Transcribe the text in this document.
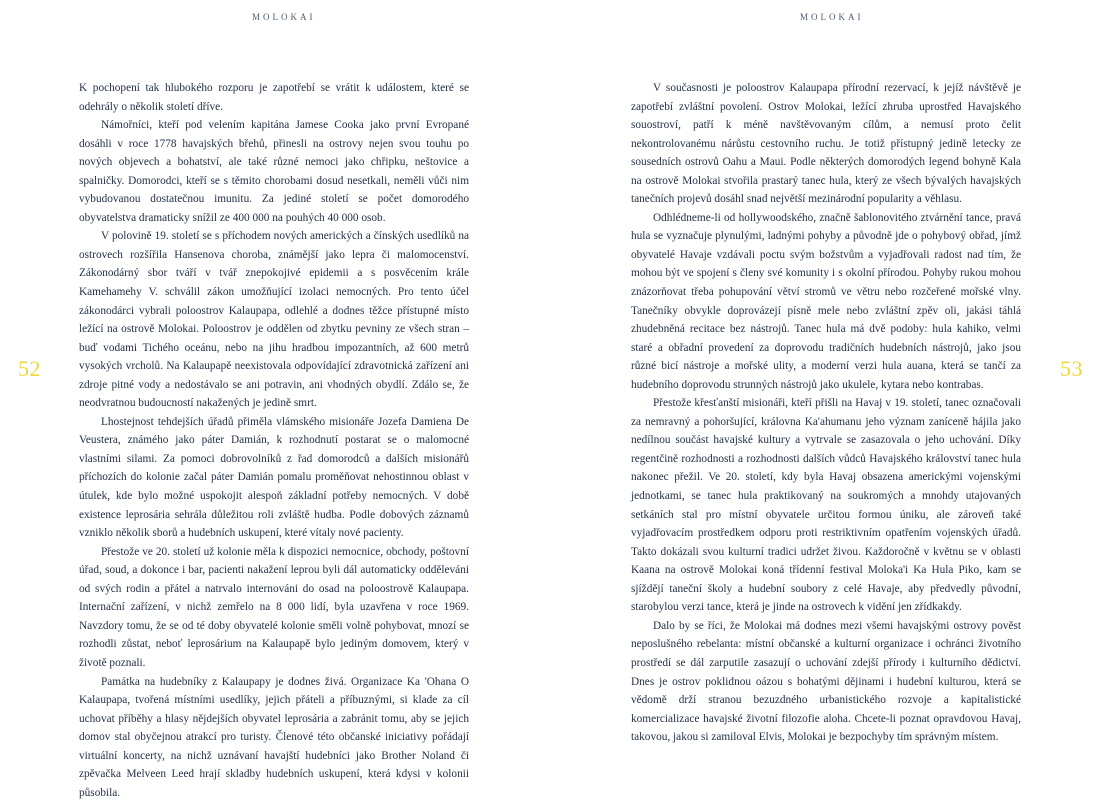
MOLOKAI
52

K pochopení tak hlubokého rozporu je zapotřebí se vrátit k událostem, které se odehrály o několik století dříve.

Námořníci, kteří pod velením kapitána Jamese Cooka jako první Evropané dosáhli v roce 1778 havajských břehů, přinesli na ostrovy nejen svou touhu po nových objevech a bohatství, ale také různé nemoci jako chřipku, neštovice a spalničky. Domorodci, kteří se s těmito chorobami dosud nesetkali, neměli vůči nim vybudovanou dostatečnou imunitu. Za jediné století se počet domorodého obyvatelstva dramaticky snížil ze 400 000 na pouhých 40 000 osob.

V polovině 19. století se s příchodem nových amerických a čínských usedlíků na ostrovech rozšířila Hansenova choroba, známější jako lepra či malomocenství. Zákonodárný sbor tváří v tvář znepokojivé epidemii a s posvěcením krále Kamehamehy V. schválil zákon umožňující izolaci nemocných. Pro tento účel zákonodárci vybrali poloostrov Kalaupapa, odlehlé a dodnes těžce přístupné místo ležící na ostrově Molokai. Poloostrov je oddělen od zbytku pevniny ze všech stran – buď vodami Tichého oceánu, nebo na jihu hradbou impozantních, až 600 metrů vysokých vrcholů. Na Kalaupapě neexistovala odpovídající zdravotnická zařízení ani zdroje pitné vody a nedostávalo se ani potravin, ani vhodných obydlí. Zdálo se, že neodvratnou budoucností nakažených je jedině smrt.

Lhostejnost tehdejších úřadů přiměla vlámského misionáře Jozefa Damiena De Veustera, známého jako páter Damián, k rozhodnutí postarat se o malomocné vlastními silami. Za pomoci dobrovolníků z řad domorodců a dalších misionářů příchozích do kolonie začal páter Damián pomalu proměňovat nehostinnou oblast v útulek, kde bylo možné uspokojit alespoň základní potřeby nemocných. V době existence leprosária sehrála důležitou roli zvláště hudba. Podle dobových záznamů vzniklo několik sborů a hudebních uskupení, které vítaly nové pacienty.

Přestože ve 20. století už kolonie měla k dispozici nemocnice, obchody, poštovní úřad, soud, a dokonce i bar, pacienti nakažení leprou byli dál automaticky odděleváni od svých rodin a přátel a natrvalo internováni do osad na poloostrově Kalaupapa. Internační zařízení, v nichž zemřelo na 8 000 lidí, byla uzavřena v roce 1969. Navzdory tomu, že se od té doby obyvatelé kolonie směli volně pohybovat, mnozí se rozhodli zůstat, neboť leprosárium na Kalaupapě bylo jediným domovem, který v životě poznali.

Památka na hudebníky z Kalaupapy je dodnes živá. Organizace Ka 'Ohana O Kalaupapa, tvořená místními usedlíky, jejich přáteli a příbuznými, si klade za cíl uchovat příběhy a hlasy nějdejších obyvatel leprosária a zabránit tomu, aby se jejich domov stal obyčejnou atrakcí pro turisty. Členové této občanské iniciativy pořádají virtuální koncerty, na nichž uznávaní havajští hudebníci jako Brother Noland či zpěvačka Melveen Leed hrají skladby hudebních uskupení, která kdysi v kolonii působila.

MOLOKAI
53

V současnosti je poloostrov Kalaupapa přírodní rezervací, k jejíž návštěvě je zapotřebí zvláštní povolení. Ostrov Molokai, ležící zhruba uprostřed Havajského souostroví, patří k méně navštěvovaným cílům, a nemusí proto čelit nekontrolovanému nárůstu cestovního ruchu. Je totiž přístupný jedině letecky ze sousedních ostrovů Oahu a Maui. Podle některých domorodých legend bohyně Kala na ostrově Molokai stvořila prastarý tanec hula, který ze všech bývalých havajských tanečních projevů dosáhl snad největší mezinárodní popularity a věhlasu.

Odhlédneme-li od hollywoodského, značně šablonovitého ztvárnění tance, pravá hula se vyznačuje plynulými, ladnými pohyby a původně jde o pohybový obřad, jímž obyvatelé Havaje vzdávali poctu svým božstvům a vyjadřovali radost nad tím, že mohou být ve spojení s členy své komunity i s okolní přírodou. Pohyby rukou mohou znázorňovat třeba pohupování větví stromů ve větru nebo rozčeřené mořské vlny. Tanečníky obvykle doprovázejí písně mele nebo zvláštní zpěv oli, jakási táhlá zhudebněná recitace bez nástrojů. Tanec hula má dvě podoby: hula kahiko, velmi staré a obřadní provedení za doprovodu tradičních hudebních nástrojů, jako jsou různé bicí nástroje a mořské ulity, a moderní verzi hula auana, která se tančí za hudebního doprovodu strunných nástrojů jako ukulele, kytara nebo kontrabas.

Přestože křesťanští misionáři, kteří přišli na Havaj v 19. století, tanec označovali za nemravný a pohoršující, královna Ka'ahumanu jeho význam zaníceně hájila jako nedílnou součást havajské kultury a vytrvale se zasazovala o jeho uchování. Díky regentčině rozhodnosti a rozhodnosti dalších vůdců Havajského království tanec hula nakonec přežil. Ve 20. století, kdy byla Havaj obsazena americkými vojenskými jednotkami, se tanec hula praktikovaný na soukromých a mnohdy utajovaných setkáních stal pro místní obyvatele určitou formou úniku, ale zároveň také vyjadřovacím prostředkem odporu proti restriktivním opatřením vojenských úřadů. Takto dokázali svou kulturní tradici udržet živou. Každoročně v květnu se v oblasti Kaana na ostrově Molokai koná třídenní festival Moloka'i Ka Hula Piko, kam se sjíždějí taneční školy a hudební soubory z celé Havaje, aby předvedly původní, starobylou verzi tance, která je jinde na ostrovech k vidění jen zřídkakdy.

Dalo by se říci, že Molokai má dodnes mezi všemi havajskými ostrovy pověst neposlušného rebelanta: místní občanské a kulturní organizace i ochránci životního prostředí se dál zarputile zasazují o uchování zdejší přírody i kulturního dědictví. Dnes je ostrov poklidnou oázou s bohatými dějinami i hudební kulturou, která se vědomě drží stranou bezuzdného urbanistického rozvoje a kapitalistické komercializace havajské životní filozofie aloha. Chcete-li poznat opravdovou Havaj, takovou, jakou si zamiloval Elvis, Molokai je bezpochyby tím správným místem.
